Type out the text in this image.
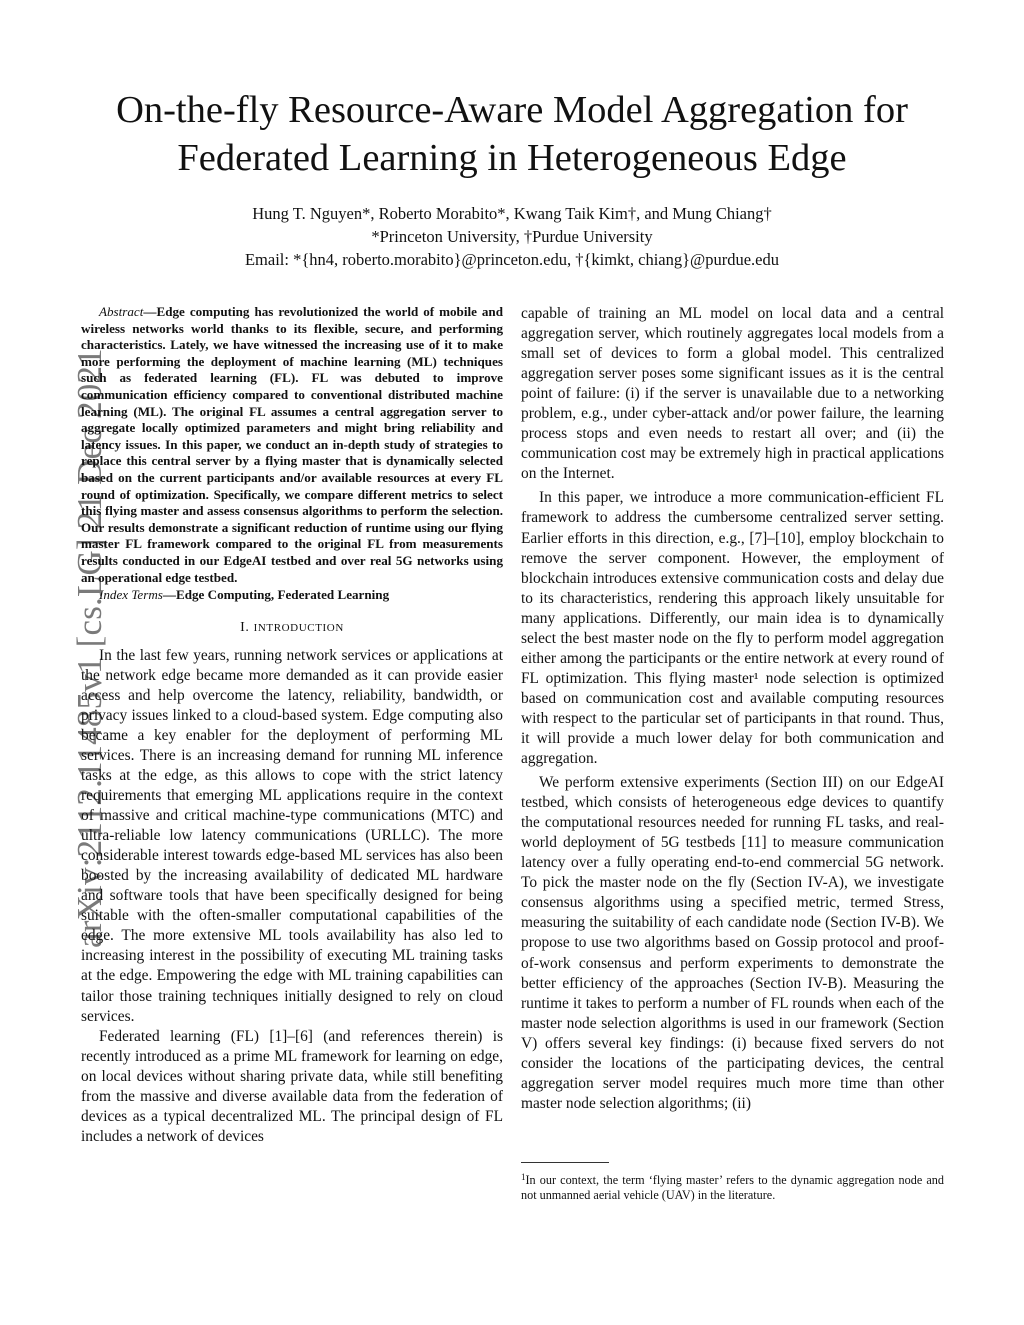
arXiv:2112.11485v1 [cs.LG] 21 Dec 2021
On-the-fly Resource-Aware Model Aggregation for
Federated Learning in Heterogeneous Edge
Hung T. Nguyen*, Roberto Morabito*, Kwang Taik Kim†, and Mung Chiang†
*Princeton University, †Purdue University
Email: *{hn4, roberto.morabito}@princeton.edu, †{kimkt, chiang}@purdue.edu

Abstract—Edge computing has revolutionized the world of mobile and wireless networks world thanks to its flexible, secure, and performing characteristics. Lately, we have witnessed the increasing use of it to make more performing the deployment of machine learning (ML) techniques such as federated learning (FL). FL was debuted to improve communication efficiency compared to conventional distributed machine learning (ML). The original FL assumes a central aggregation server to aggregate locally optimized parameters and might bring reliability and latency issues. In this paper, we conduct an in-depth study of strategies to replace this central server by a flying master that is dynamically selected based on the current participants and/or available resources at every FL round of optimization. Specifically, we compare different metrics to select this flying master and assess consensus algorithms to perform the selection. Our results demonstrate a significant reduction of runtime using our flying master FL framework compared to the original FL from measurements results conducted in our EdgeAI testbed and over real 5G networks using an operational edge testbed.

Index Terms—Edge Computing, Federated Learning

I. INTRODUCTION

In the last few years, running network services or applications at the network edge became more demanded as it can provide easier access and help overcome the latency, reliability, bandwidth, or privacy issues linked to a cloud-based system. Edge computing also became a key enabler for the deployment of performing ML services. There is an increasing demand for running ML inference tasks at the edge, as this allows to cope with the strict latency requirements that emerging ML applications require in the context of massive and critical machine-type communications (MTC) and ultra-reliable low latency communications (URLLC). The more considerable interest towards edge-based ML services has also been boosted by the increasing availability of dedicated ML hardware and software tools that have been specifically designed for being suitable with the often-smaller computational capabilities of the edge. The more extensive ML tools availability has also led to increasing interest in the possibility of executing ML training tasks at the edge. Empowering the edge with ML training capabilities can tailor those training techniques initially designed to rely on cloud services.

Federated learning (FL) [1]–[6] (and references therein) is recently introduced as a prime ML framework for learning on edge, on local devices without sharing private data, while still benefiting from the massive and diverse available data from the federation of devices as a typical decentralized ML. The principal design of FL includes a network of devices

capable of training an ML model on local data and a central aggregation server, which routinely aggregates local models from a small set of devices to form a global model. This centralized aggregation server poses some significant issues as it is the central point of failure: (i) if the server is unavailable due to a networking problem, e.g., under cyber-attack and/or power failure, the learning process stops and even needs to restart all over; and (ii) the communication cost may be extremely high in practical applications on the Internet.

In this paper, we introduce a more communication-efficient FL framework to address the cumbersome centralized server setting. Earlier efforts in this direction, e.g., [7]–[10], employ blockchain to remove the server component. However, the employment of blockchain introduces extensive communication costs and delay due to its characteristics, rendering this approach likely unsuitable for many applications. Differently, our main idea is to dynamically select the best master node on the fly to perform model aggregation either among the participants or the entire network at every round of FL optimization. This flying master¹ node selection is optimized based on communication cost and available computing resources with respect to the particular set of participants in that round. Thus, it will provide a much lower delay for both communication and aggregation.

We perform extensive experiments (Section III) on our EdgeAI testbed, which consists of heterogeneous edge devices to quantify the computational resources needed for running FL tasks, and real-world deployment of 5G testbeds [11] to measure communication latency over a fully operating end-to-end commercial 5G network. To pick the master node on the fly (Section IV-A), we investigate consensus algorithms using a specified metric, termed Stress, measuring the suitability of each candidate node (Section IV-B). We propose to use two algorithms based on Gossip protocol and proof-of-work consensus and perform experiments to demonstrate the better efficiency of the approaches (Section IV-B). Measuring the runtime it takes to perform a number of FL rounds when each of the master node selection algorithms is used in our framework (Section V) offers several key findings: (i) because fixed servers do not consider the locations of the participating devices, the central aggregation server model requires much more time than other master node selection algorithms; (ii)

$^1$In our context, the term ‘flying master’ refers to the dynamic aggregation node and not unmanned aerial vehicle (UAV) in the literature.
